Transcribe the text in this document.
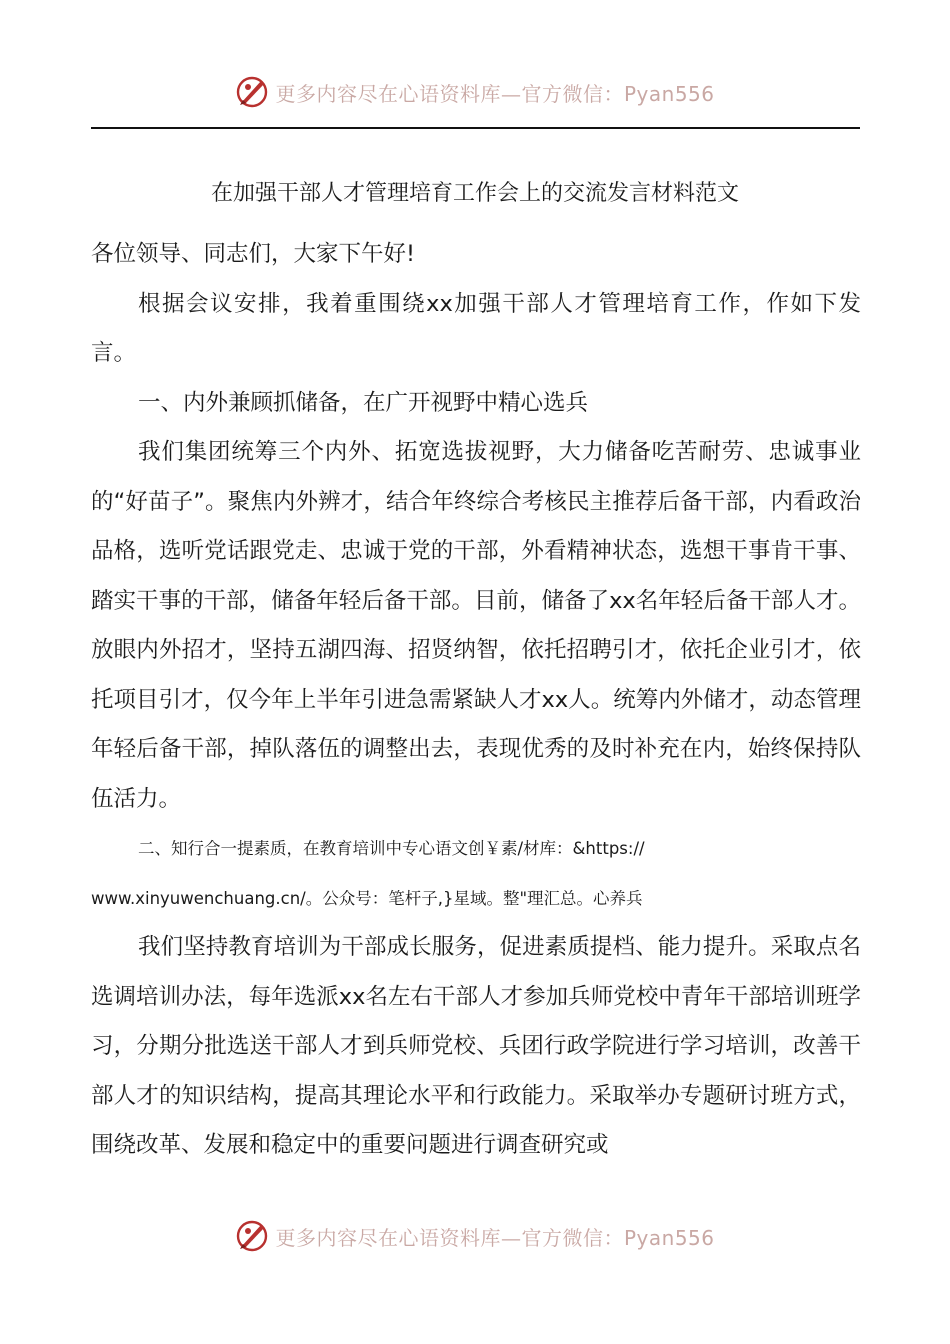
更多内容尽在心语资料库—官方微信：Pyan556
在加强干部人才管理培育工作会上的交流发言材料范文

各位领导、同志们，大家下午好!

根据会议安排，我着重围绕xx加强干部人才管理培育工作，作如下发言。

一、内外兼顾抓储备，在广开视野中精心选兵

我们集团统筹三个内外、拓宽选拔视野，大力储备吃苦耐劳、忠诚事业的“好苗子”。聚焦内外辨才，结合年终综合考核民主推荐后备干部，内看政治品格，选听党话跟党走、忠诚于党的干部，外看精神状态，选想干事肯干事、踏实干事的干部，储备年轻后备干部。目前，储备了xx名年轻后备干部人才。放眼内外招才，坚持五湖四海、招贤纳智，依托招聘引才，依托企业引才，依托项目引才，仅今年上半年引进急需紧缺人才xx人。统筹内外储才，动态管理年轻后备干部，掉队落伍的调整出去，表现优秀的及时补充在内，始终保持队伍活力。

二、知行合一提素质，在教育培训中专心语文创￥素/材库：&https://

www.xinyuwenchuang.cn/。公众号：笔杆子,}星域。整"理汇总。心养兵

我们坚持教育培训为干部成长服务，促进素质提档、能力提升。采取点名选调培训办法，每年选派xx名左右干部人才参加兵师党校中青年干部培训班学习，分期分批选送干部人才到兵师党校、兵团行政学院进行学习培训，改善干部人才的知识结构，提高其理论水平和行政能力。采取举办专题研讨班方式，围绕改革、发展和稳定中的重要问题进行调查研究或

更多内容尽在心语资料库—官方微信：Pyan556
